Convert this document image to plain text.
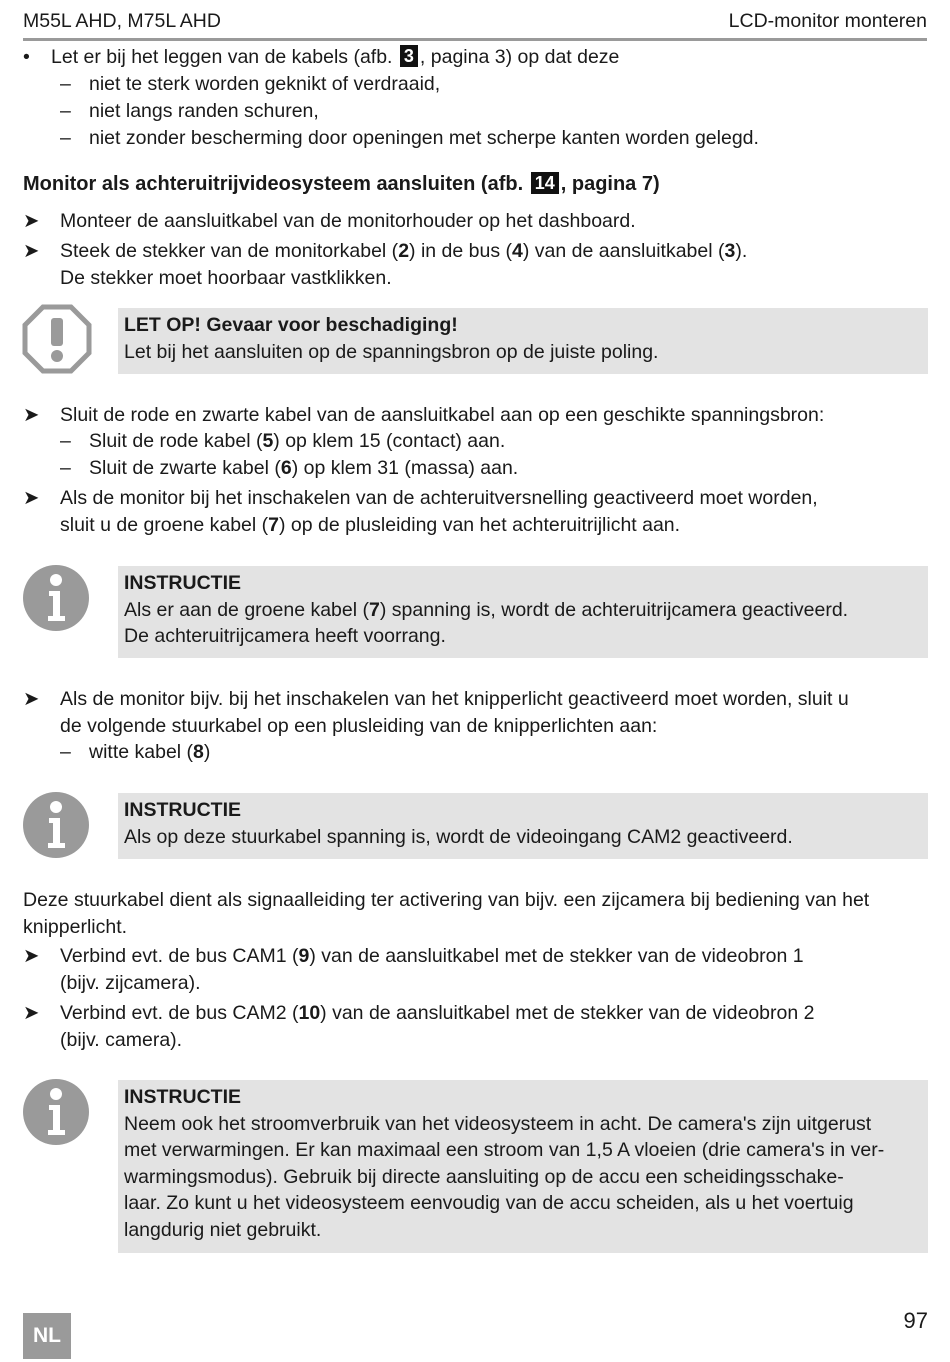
M55L AHD, M75L AHD	LCD-monitor monteren
• Let er bij het leggen van de kabels (afb. 3 , pagina 3) op dat deze
– niet te sterk worden geknikt of verdraaid,
– niet langs randen schuren,
– niet zonder bescherming door openingen met scherpe kanten worden gelegd.
Monitor als achteruitrijvideosysteem aansluiten (afb. 14 , pagina 7)
➤ Monteer de aansluitkabel van de monitorhouder op het dashboard.
➤ Steek de stekker van de monitorkabel (2) in de bus (4) van de aansluitkabel (3).
De stekker moet hoorbaar vastklikken.
LET OP! Gevaar voor beschadiging!
Let bij het aansluiten op de spanningsbron op de juiste poling.
➤ Sluit de rode en zwarte kabel van de aansluitkabel aan op een geschikte spanningsbron:
– Sluit de rode kabel (5) op klem 15 (contact) aan.
– Sluit de zwarte kabel (6) op klem 31 (massa) aan.
➤ Als de monitor bij het inschakelen van de achteruitversnelling geactiveerd moet worden,
sluit u de groene kabel (7) op de plusleiding van het achteruitrijlicht aan.
INSTRUCTIE
Als er aan de groene kabel (7) spanning is, wordt de achteruitrijcamera geactiveerd.
De achteruitrijcamera heeft voorrang.
➤ Als de monitor bijv. bij het inschakelen van het knipperlicht geactiveerd moet worden, sluit u
de volgende stuurkabel op een plusleiding van de knipperlichten aan:
– witte kabel (8)
INSTRUCTIE
Als op deze stuurkabel spanning is, wordt de videoingang CAM2 geactiveerd.
Deze stuurkabel dient als signaalleiding ter activering van bijv. een zijcamera bij bediening van het
knipperlicht.
➤ Verbind evt. de bus CAM1 (9) van de aansluitkabel met de stekker van de videobron 1
(bijv. zijcamera).
➤ Verbind evt. de bus CAM2 (10) van de aansluitkabel met de stekker van de videobron 2
(bijv. camera).
INSTRUCTIE
Neem ook het stroomverbruik van het videosysteem in acht. De camera's zijn uitgerust
met verwarmingen. Er kan maximaal een stroom van 1,5 A vloeien (drie camera's in ver-
warmingsmodus). Gebruik bij directe aansluiting op de accu een scheidingsschake-
laar. Zo kunt u het videosysteem eenvoudig van de accu scheiden, als u het voertuig
langdurig niet gebruikt.
NL
97
